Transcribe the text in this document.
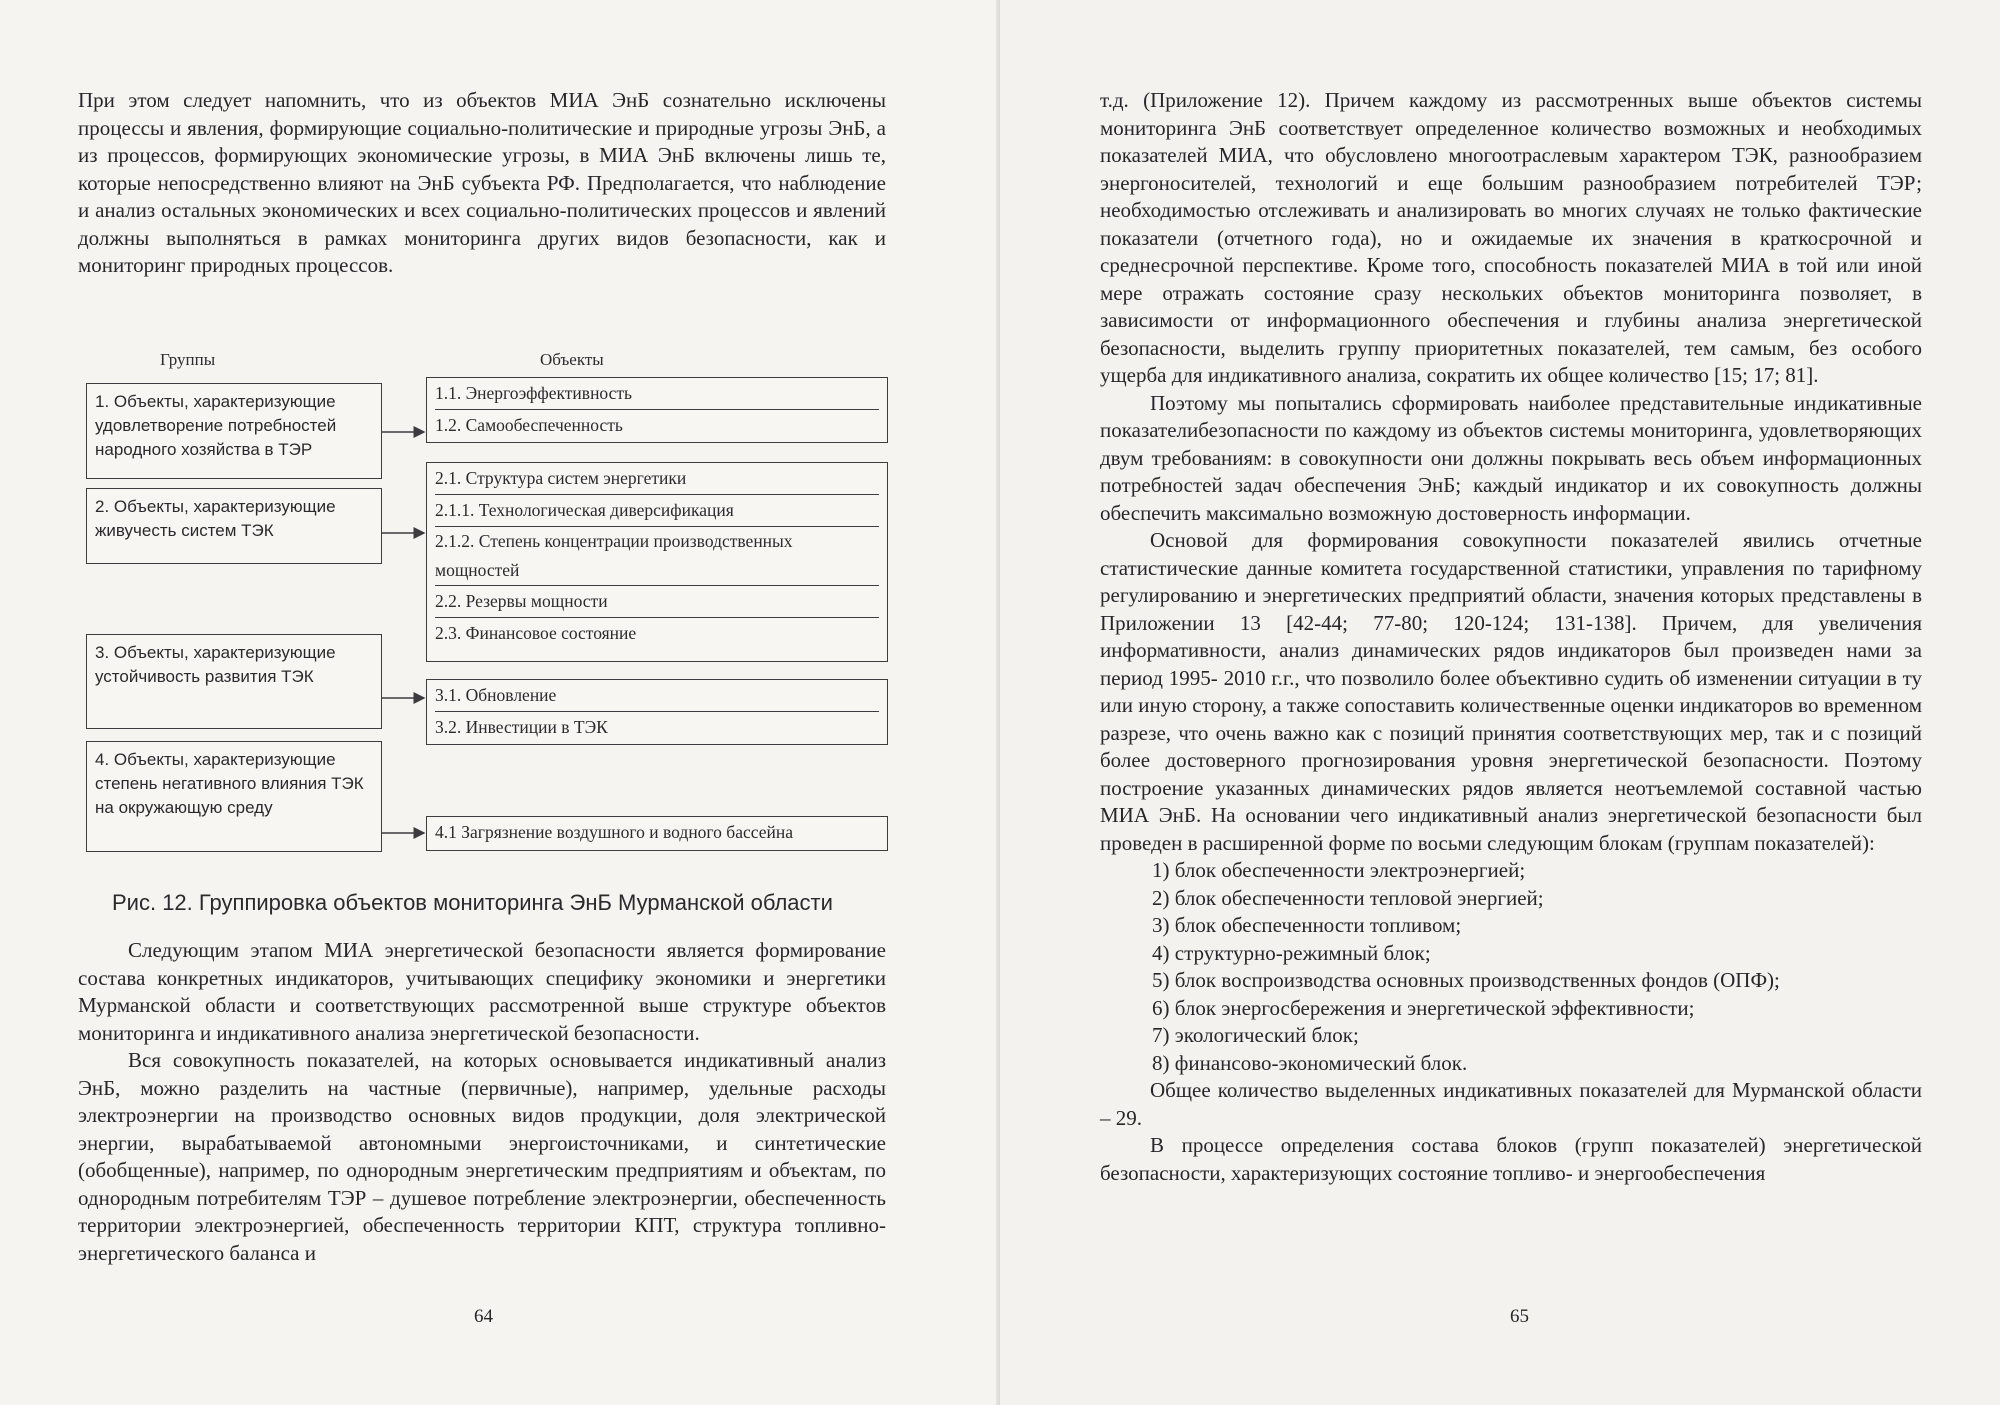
При этом следует напомнить, что из объектов МИА ЭнБ сознательно исключены процессы и явления, формирующие социально-политические и природные угрозы ЭнБ, а из процессов, формирующих экономические угрозы, в МИА ЭнБ включены лишь те, которые непосредственно влияют на ЭнБ субъекта РФ. Предполагается, что наблюдение и анализ остальных экономических и всех социально-политических процессов и явлений должны выполняться в рамках мониторинга других видов безопасности, как и мониторинг природных процессов.

Группы	Объекты
1. Объекты, характеризующие удовлетворение потребностей народного хозяйства в ТЭР
2. Объекты, характеризующие живучесть систем ТЭК
3. Объекты, характеризующие устойчивость развития ТЭК
4. Объекты, характеризующие степень негативного влияния ТЭК на окружающую среду
1.1. Энергоэффективность
1.2. Самообеспеченность
2.1. Структура систем энергетики
2.1.1. Технологическая диверсификация
2.1.2. Степень концентрации производственных мощностей
2.2. Резервы мощности
2.3. Финансовое состояние
3.1. Обновление
3.2. Инвестиции в ТЭК
4.1 Загрязнение воздушного и водного бассейна
Рис. 12. Группировка объектов мониторинга ЭнБ Мурманской области

Следующим этапом МИА энергетической безопасности является формирование состава конкретных индикаторов, учитывающих специфику экономики и энергетики Мурманской области и соответствующих рассмотренной выше структуре объектов мониторинга и индикативного анализа энергетической безопасности.

Вся совокупность показателей, на которых основывается индикативный анализ ЭнБ, можно разделить на частные (первичные), например, удельные расходы электроэнергии на производство основных видов продукции, доля электрической энергии, вырабатываемой автономными энергоисточниками, и синтетические (обобщенные), например, по однородным энергетическим предприятиям и объектам, по однородным потребителям ТЭР – душевое потребление электроэнергии, обеспеченность территории электроэнергией, обеспеченность территории КПТ, структура топливно-энергетического баланса и

64

т.д. (Приложение 12). Причем каждому из рассмотренных выше объектов системы мониторинга ЭнБ соответствует определенное количество возможных и необходимых показателей МИА, что обусловлено многоотраслевым характером ТЭК, разнообразием энергоносителей, технологий и еще большим разнообразием потребителей ТЭР; необходимостью отслеживать и анализировать во многих случаях не только фактические показатели (отчетного года), но и ожидаемые их значения в краткосрочной и среднесрочной перспективе. Кроме того, способность показателей МИА в той или иной мере отражать состояние сразу нескольких объектов мониторинга позволяет, в зависимости от информационного обеспечения и глубины анализа энергетической безопасности, выделить группу приоритетных показателей, тем самым, без особого ущерба для индикативного анализа, сократить их общее количество [15; 17; 81].

Поэтому мы попытались сформировать наиболее представительные индикативные показателибезопасности по каждому из объектов системы мониторинга, удовлетворяющих двум требованиям: в совокупности они должны покрывать весь объем информационных потребностей задач обеспечения ЭнБ; каждый индикатор и их совокупность должны обеспечить максимально возможную достоверность информации.

Основой для формирования совокупности показателей явились отчетные статистические данные комитета государственной статистики, управления по тарифному регулированию и энергетических предприятий области, значения которых представлены в Приложении 13 [42-44; 77-80; 120-124; 131-138]. Причем, для увеличения информативности, анализ динамических рядов индикаторов был произведен нами за период 1995- 2010 г.г., что позволило более объективно судить об изменении ситуации в ту или иную сторону, а также сопоставить количественные оценки индикаторов во временном разрезе, что очень важно как с позиций принятия соответствующих мер, так и с позиций более достоверного прогнозирования уровня энергетической безопасности. Поэтому построение указанных динамических рядов является неотъемлемой составной частью МИА ЭнБ. На основании чего индикативный анализ энергетической безопасности был проведен в расширенной форме по восьми следующим блокам (группам показателей):

1) блок обеспеченности электроэнергией;

2) блок обеспеченности тепловой энергией;

3) блок обеспеченности топливом;

4) структурно-режимный блок;

5) блок воспроизводства основных производственных фондов (ОПФ);

6) блок энергосбережения и энергетической эффективности;

7) экологический блок;

8) финансово-экономический блок.

Общее количество выделенных индикативных показателей для Мурманской области – 29.

В процессе определения состава блоков (групп показателей) энергетической безопасности, характеризующих состояние топливо- и энергообеспечения

65
